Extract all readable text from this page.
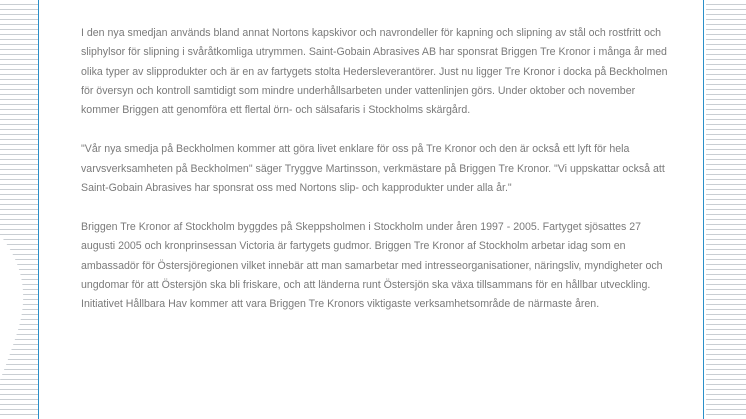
I den nya smedjan används bland annat Nortons kapskivor och navrondeller för kapning och slipning av stål och rostfritt och sliphylsor för slipning i svåråtkomliga utrymmen. Saint-Gobain Abrasives AB har sponsrat Briggen Tre Kronor i många år med olika typer av slipprodukter och är en av fartygets stolta Hedersleverantörer. Just nu ligger Tre Kronor i docka på Beckholmen för översyn och kontroll samtidigt som mindre underhållsarbeten under vattenlinjen görs. Under oktober och november kommer Briggen att genomföra ett flertal örn- och sälsafaris i Stockholms skärgård.

"Vår nya smedja på Beckholmen kommer att göra livet enklare för oss på Tre Kronor och den är också ett lyft för hela varvsverksamheten på Beckholmen" säger Tryggve Martinsson, verkmästare på Briggen Tre Kronor. "Vi uppskattar också att Saint-Gobain Abrasives har sponsrat oss med Nortons slip- och kapprodukter under alla år."

Briggen Tre Kronor af Stockholm byggdes på Skeppsholmen i Stockholm under åren 1997 - 2005. Fartyget sjösattes 27 augusti 2005 och kronprinsessan Victoria är fartygets gudmor. Briggen Tre Kronor af Stockholm arbetar idag som en ambassadör för Östersjöregionen vilket innebär att man samarbetar med intresseorganisationer, näringsliv, myndigheter och ungdomar för att Östersjön ska bli friskare, och att länderna runt Östersjön ska växa tillsammans för en hållbar utveckling. Initiativet Hållbara Hav kommer att vara Briggen Tre Kronors viktigaste verksamhetsområde de närmaste åren.
